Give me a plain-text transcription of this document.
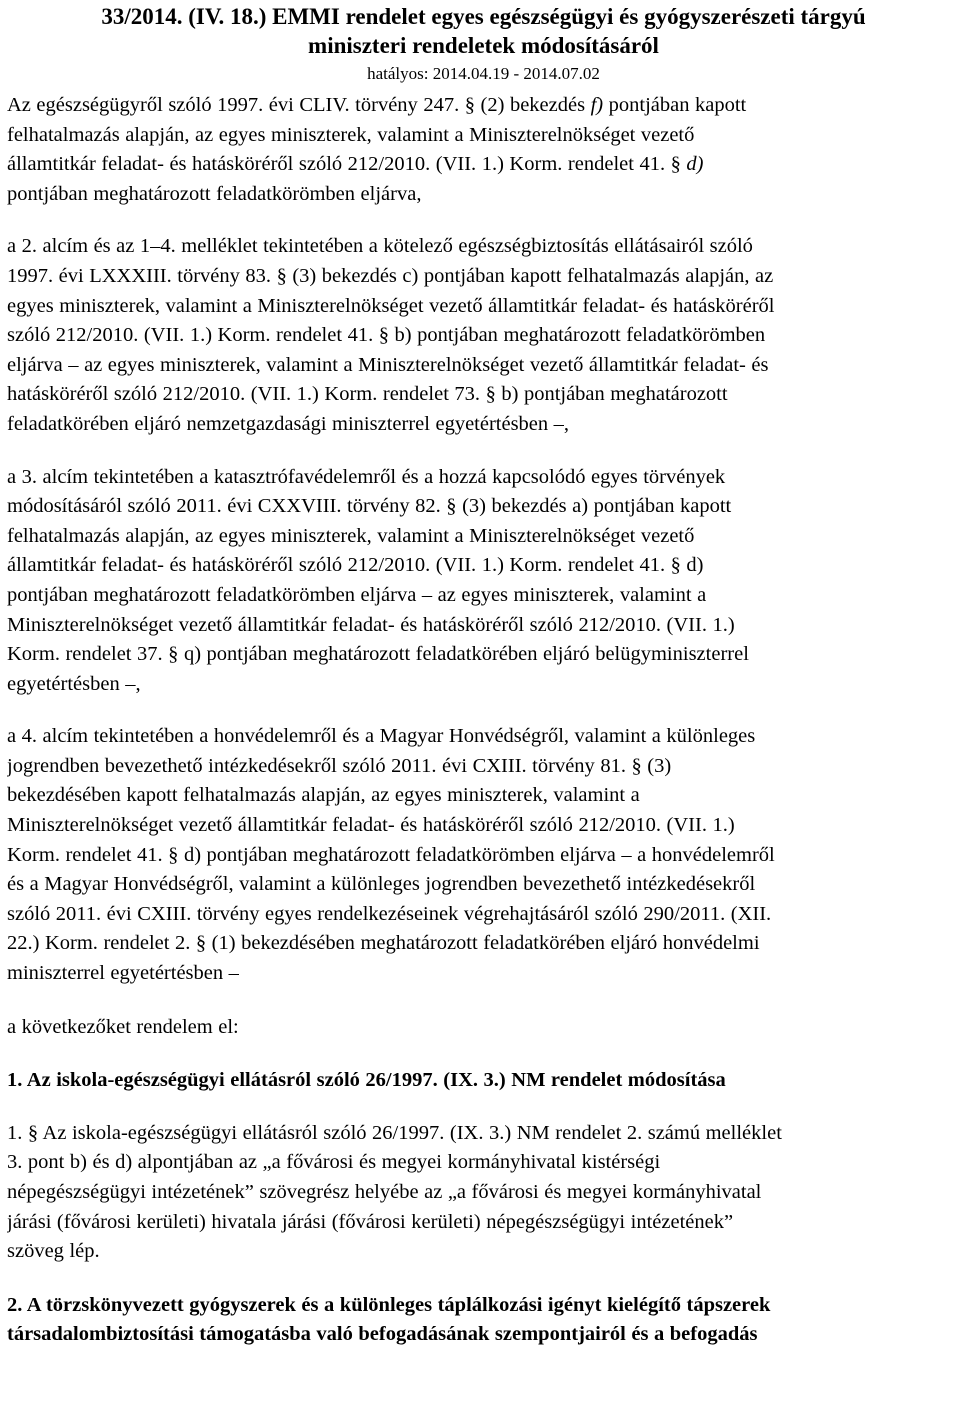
33/2014. (IV. 18.) EMMI rendelet egyes egészségügyi és gyógyszerészeti tárgyú
miniszteri rendeletek módosításáról
hatályos: 2014.04.19 - 2014.07.02
Az egészségügyről szóló 1997. évi CLIV. törvény 247. § (2) bekezdés f) pontjában kapott
felhatalmazás alapján, az egyes miniszterek, valamint a Miniszterelnökséget vezető
államtitkár feladat- és hatásköréről szóló 212/2010. (VII. 1.) Korm. rendelet 41. § d)
pontjában meghatározott feladatkörömben eljárva,
a 2. alcím és az 1–4. melléklet tekintetében a kötelező egészségbiztosítás ellátásairól szóló
1997. évi LXXXIII. törvény 83. § (3) bekezdés c) pontjában kapott felhatalmazás alapján, az
egyes miniszterek, valamint a Miniszterelnökséget vezető államtitkár feladat- és hatásköréről
szóló 212/2010. (VII. 1.) Korm. rendelet 41. § b) pontjában meghatározott feladatkörömben
eljárva – az egyes miniszterek, valamint a Miniszterelnökséget vezető államtitkár feladat- és
hatásköréről szóló 212/2010. (VII. 1.) Korm. rendelet 73. § b) pontjában meghatározott
feladatkörében eljáró nemzetgazdasági miniszterrel egyetértésben –,
a 3. alcím tekintetében a katasztrófavédelemről és a hozzá kapcsolódó egyes törvények
módosításáról szóló 2011. évi CXXVIII. törvény 82. § (3) bekezdés a) pontjában kapott
felhatalmazás alapján, az egyes miniszterek, valamint a Miniszterelnökséget vezető
államtitkár feladat- és hatásköréről szóló 212/2010. (VII. 1.) Korm. rendelet 41. § d)
pontjában meghatározott feladatkörömben eljárva – az egyes miniszterek, valamint a
Miniszterelnökséget vezető államtitkár feladat- és hatásköréről szóló 212/2010. (VII. 1.)
Korm. rendelet 37. § q) pontjában meghatározott feladatkörében eljáró belügyminiszterrel
egyetértésben –,
a 4. alcím tekintetében a honvédelemről és a Magyar Honvédségről, valamint a különleges
jogrendben bevezethető intézkedésekről szóló 2011. évi CXIII. törvény 81. § (3)
bekezdésében kapott felhatalmazás alapján, az egyes miniszterek, valamint a
Miniszterelnökséget vezető államtitkár feladat- és hatásköréről szóló 212/2010. (VII. 1.)
Korm. rendelet 41. § d) pontjában meghatározott feladatkörömben eljárva – a honvédelemről
és a Magyar Honvédségről, valamint a különleges jogrendben bevezethető intézkedésekről
szóló 2011. évi CXIII. törvény egyes rendelkezéseinek végrehajtásáról szóló 290/2011. (XII.
22.) Korm. rendelet 2. § (1) bekezdésében meghatározott feladatkörében eljáró honvédelmi
miniszterrel egyetértésben –
a következőket rendelem el:
1. Az iskola-egészségügyi ellátásról szóló 26/1997. (IX. 3.) NM rendelet módosítása
1. § Az iskola-egészségügyi ellátásról szóló 26/1997. (IX. 3.) NM rendelet 2. számú melléklet
3. pont b) és d) alpontjában az „a fővárosi és megyei kormányhivatal kistérségi
népegészségügyi intézetének” szövegrész helyébe az „a fővárosi és megyei kormányhivatal
járási (fővárosi kerületi) hivatala járási (fővárosi kerületi) népegészségügyi intézetének”
szöveg lép.
2. A törzskönyvezett gyógyszerek és a különleges táplálkozási igényt kielégítő tápszerek
társadalombiztosítási támogatásba való befogadásának szempontjairól és a befogadás
